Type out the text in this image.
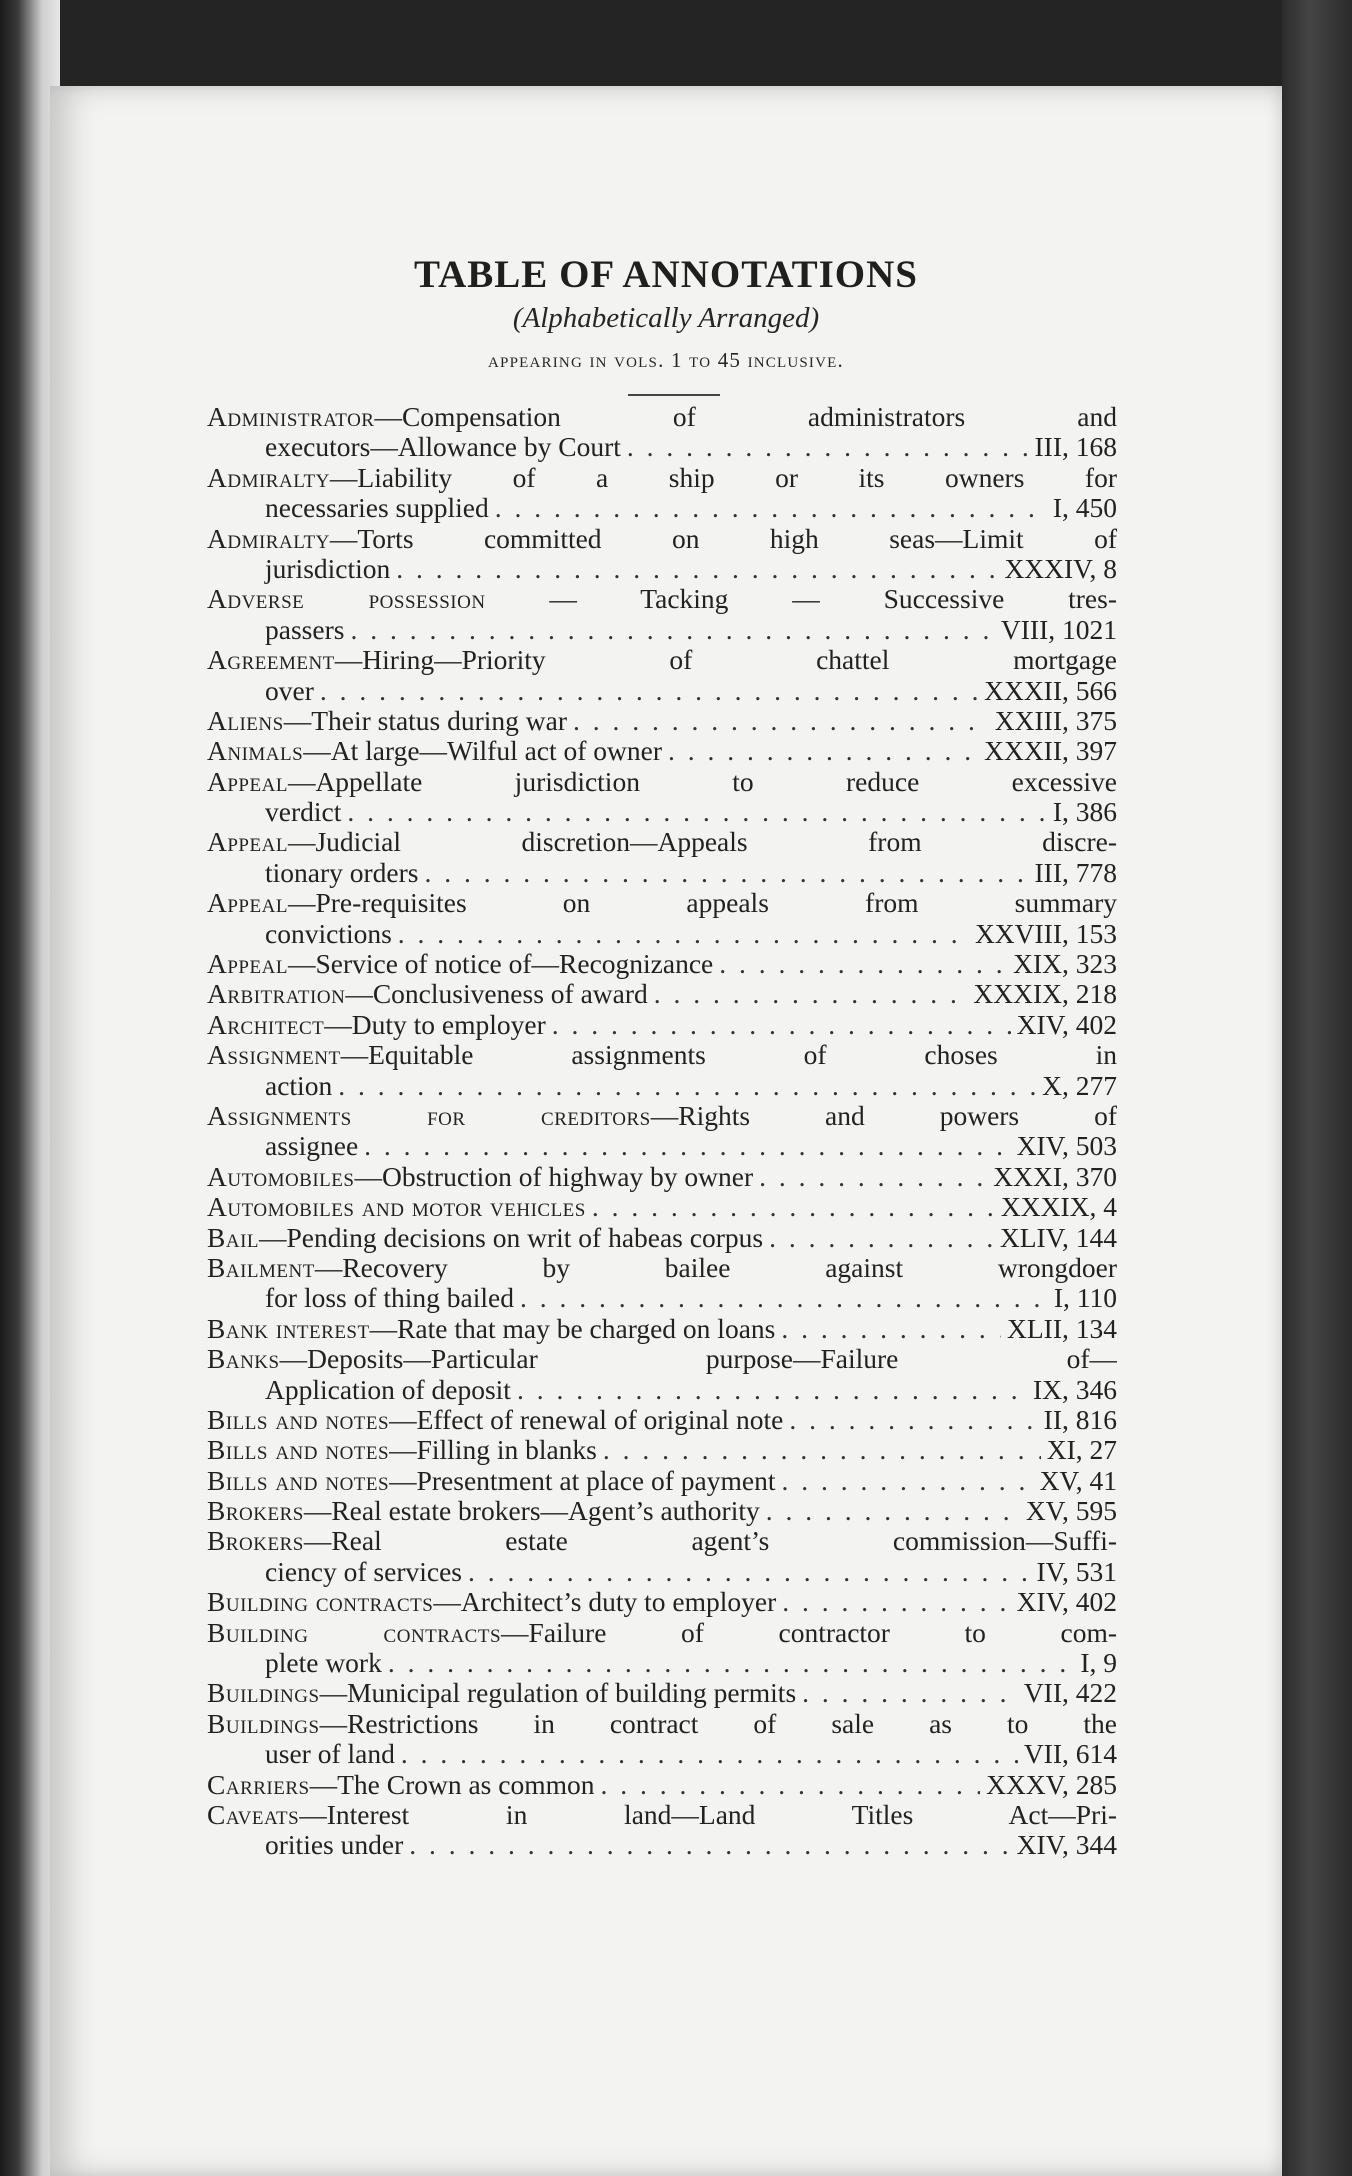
TABLE OF ANNOTATIONS
(Alphabetically Arranged)
appearing in vols. 1 to 45 inclusive.
Administrator—Compensation of administrators and
executors—Allowance by Court . . .	III, 168
Admiralty—Liability of a ship or its owners for
necessaries supplied . . .	I, 450
Admiralty—Torts committed on high seas—Limit of
jurisdiction . . .	XXXIV, 8
Adverse possession — Tacking — Successive tres-
passers . . .	VIII, 1021
Agreement—Hiring—Priority of chattel mortgage
over . . .	XXXII, 566
Aliens—Their status during war . . .	XXIII, 375
Animals—At large—Wilful act of owner . . .	XXXII, 397
Appeal—Appellate jurisdiction to reduce excessive
verdict . . .	I, 386
Appeal—Judicial discretion—Appeals from discre-
tionary orders . . .	III, 778
Appeal—Pre-requisites on appeals from summary
convictions . . .	XXVIII, 153
Appeal—Service of notice of—Recognizance . . .	XIX, 323
Arbitration—Conclusiveness of award . . .	XXXIX, 218
Architect—Duty to employer . . .	XIV, 402
Assignment—Equitable assignments of choses in
action . . .	X, 277
Assignments for creditors—Rights and powers of
assignee . . .	XIV, 503
Automobiles—Obstruction of highway by owner . . .	XXXI, 370
Automobiles and motor vehicles . . .	XXXIX, 4
Bail—Pending decisions on writ of habeas corpus . . .	XLIV, 144
Bailment—Recovery by bailee against wrongdoer
for loss of thing bailed . . .	I, 110
Bank interest—Rate that may be charged on loans . . .	XLII, 134
Banks—Deposits—Particular purpose—Failure of—
Application of deposit . . .	IX, 346
Bills and notes—Effect of renewal of original note . . .	II, 816
Bills and notes—Filling in blanks . . .	XI, 27
Bills and notes—Presentment at place of payment . . .	XV, 41
Brokers—Real estate brokers—Agent’s authority . . .	XV, 595
Brokers—Real estate agent’s commission—Suffi-
ciency of services . . .	IV, 531
Building contracts—Architect’s duty to employer . . .	XIV, 402
Building contracts—Failure of contractor to com-
plete work . . .	I, 9
Buildings—Municipal regulation of building permits . . .	VII, 422
Buildings—Restrictions in contract of sale as to the
user of land . . .	VII, 614
Carriers—The Crown as common . . .	XXXV, 285
Caveats—Interest in land—Land Titles Act—Pri-
orities under . . .	XIV, 344
